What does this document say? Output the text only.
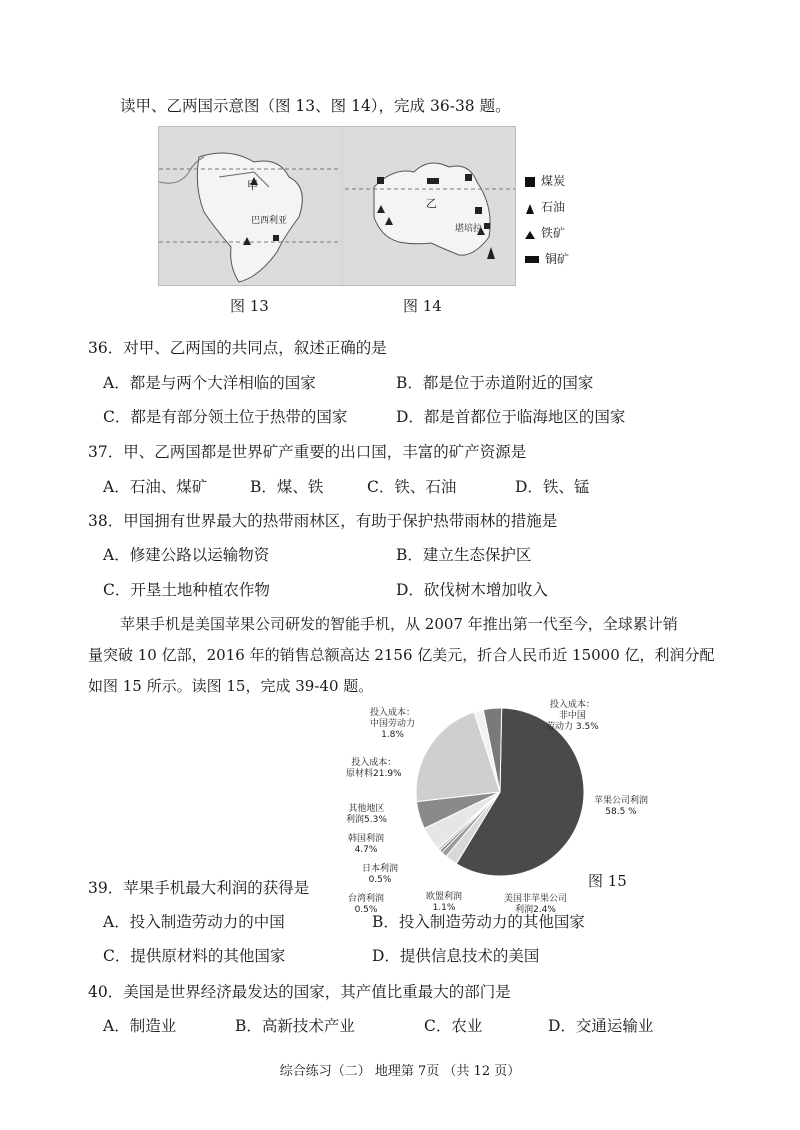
读甲、乙两国示意图（图 13、图 14），完成 36-38 题。
甲
巴西利亚
乙
堪培拉
图 13	图 14
煤炭
石油
铁矿
铜矿
36．对甲、乙两国的共同点，叙述正确的是
A．都是与两个大洋相临的国家	B．都是位于赤道附近的国家
C．都是有部分领土位于热带的国家	D．都是首都位于临海地区的国家
37．甲、乙两国都是世界矿产重要的出口国，丰富的矿产资源是
A．石油、煤矿	B．煤、铁	C．铁、石油	D．铁、锰
38．甲国拥有世界最大的热带雨林区，有助于保护热带雨林的措施是
A．修建公路以运输物资	B．建立生态保护区
C．开垦土地种植农作物	D．砍伐树木增加收入
苹果手机是美国苹果公司研发的智能手机，从 2007 年推出第一代至今，全球累计销
量突破 10 亿部，2016 年的销售总额高达 2156 亿美元，折合人民币近 15000 亿，利润分配
如图 15 所示。读图 15，完成 39-40 题。
投入成本：
中国劳动力
1.8%
投入成本：
非中国
劳动力 3.5%
投入成本：
原材料21.9%
苹果公司利润
58.5 %
其他地区
利润5.3%
韩国利润
4.7%
日本利润
0.5%
台湾利润
0.5%
欧盟利润
1.1%
美国非苹果公司
利润2.4%
图 15
39．苹果手机最大利润的获得是
A．投入制造劳动力的中国	B．投入制造劳动力的其他国家
C．提供原材料的其他国家	D．提供信息技术的美国
40．美国是世界经济最发达的国家，其产值比重最大的部门是
A．制造业	B．高新技术产业	C．农业	D．交通运输业
综合练习（二） 地理第 7页 （共 12 页）
